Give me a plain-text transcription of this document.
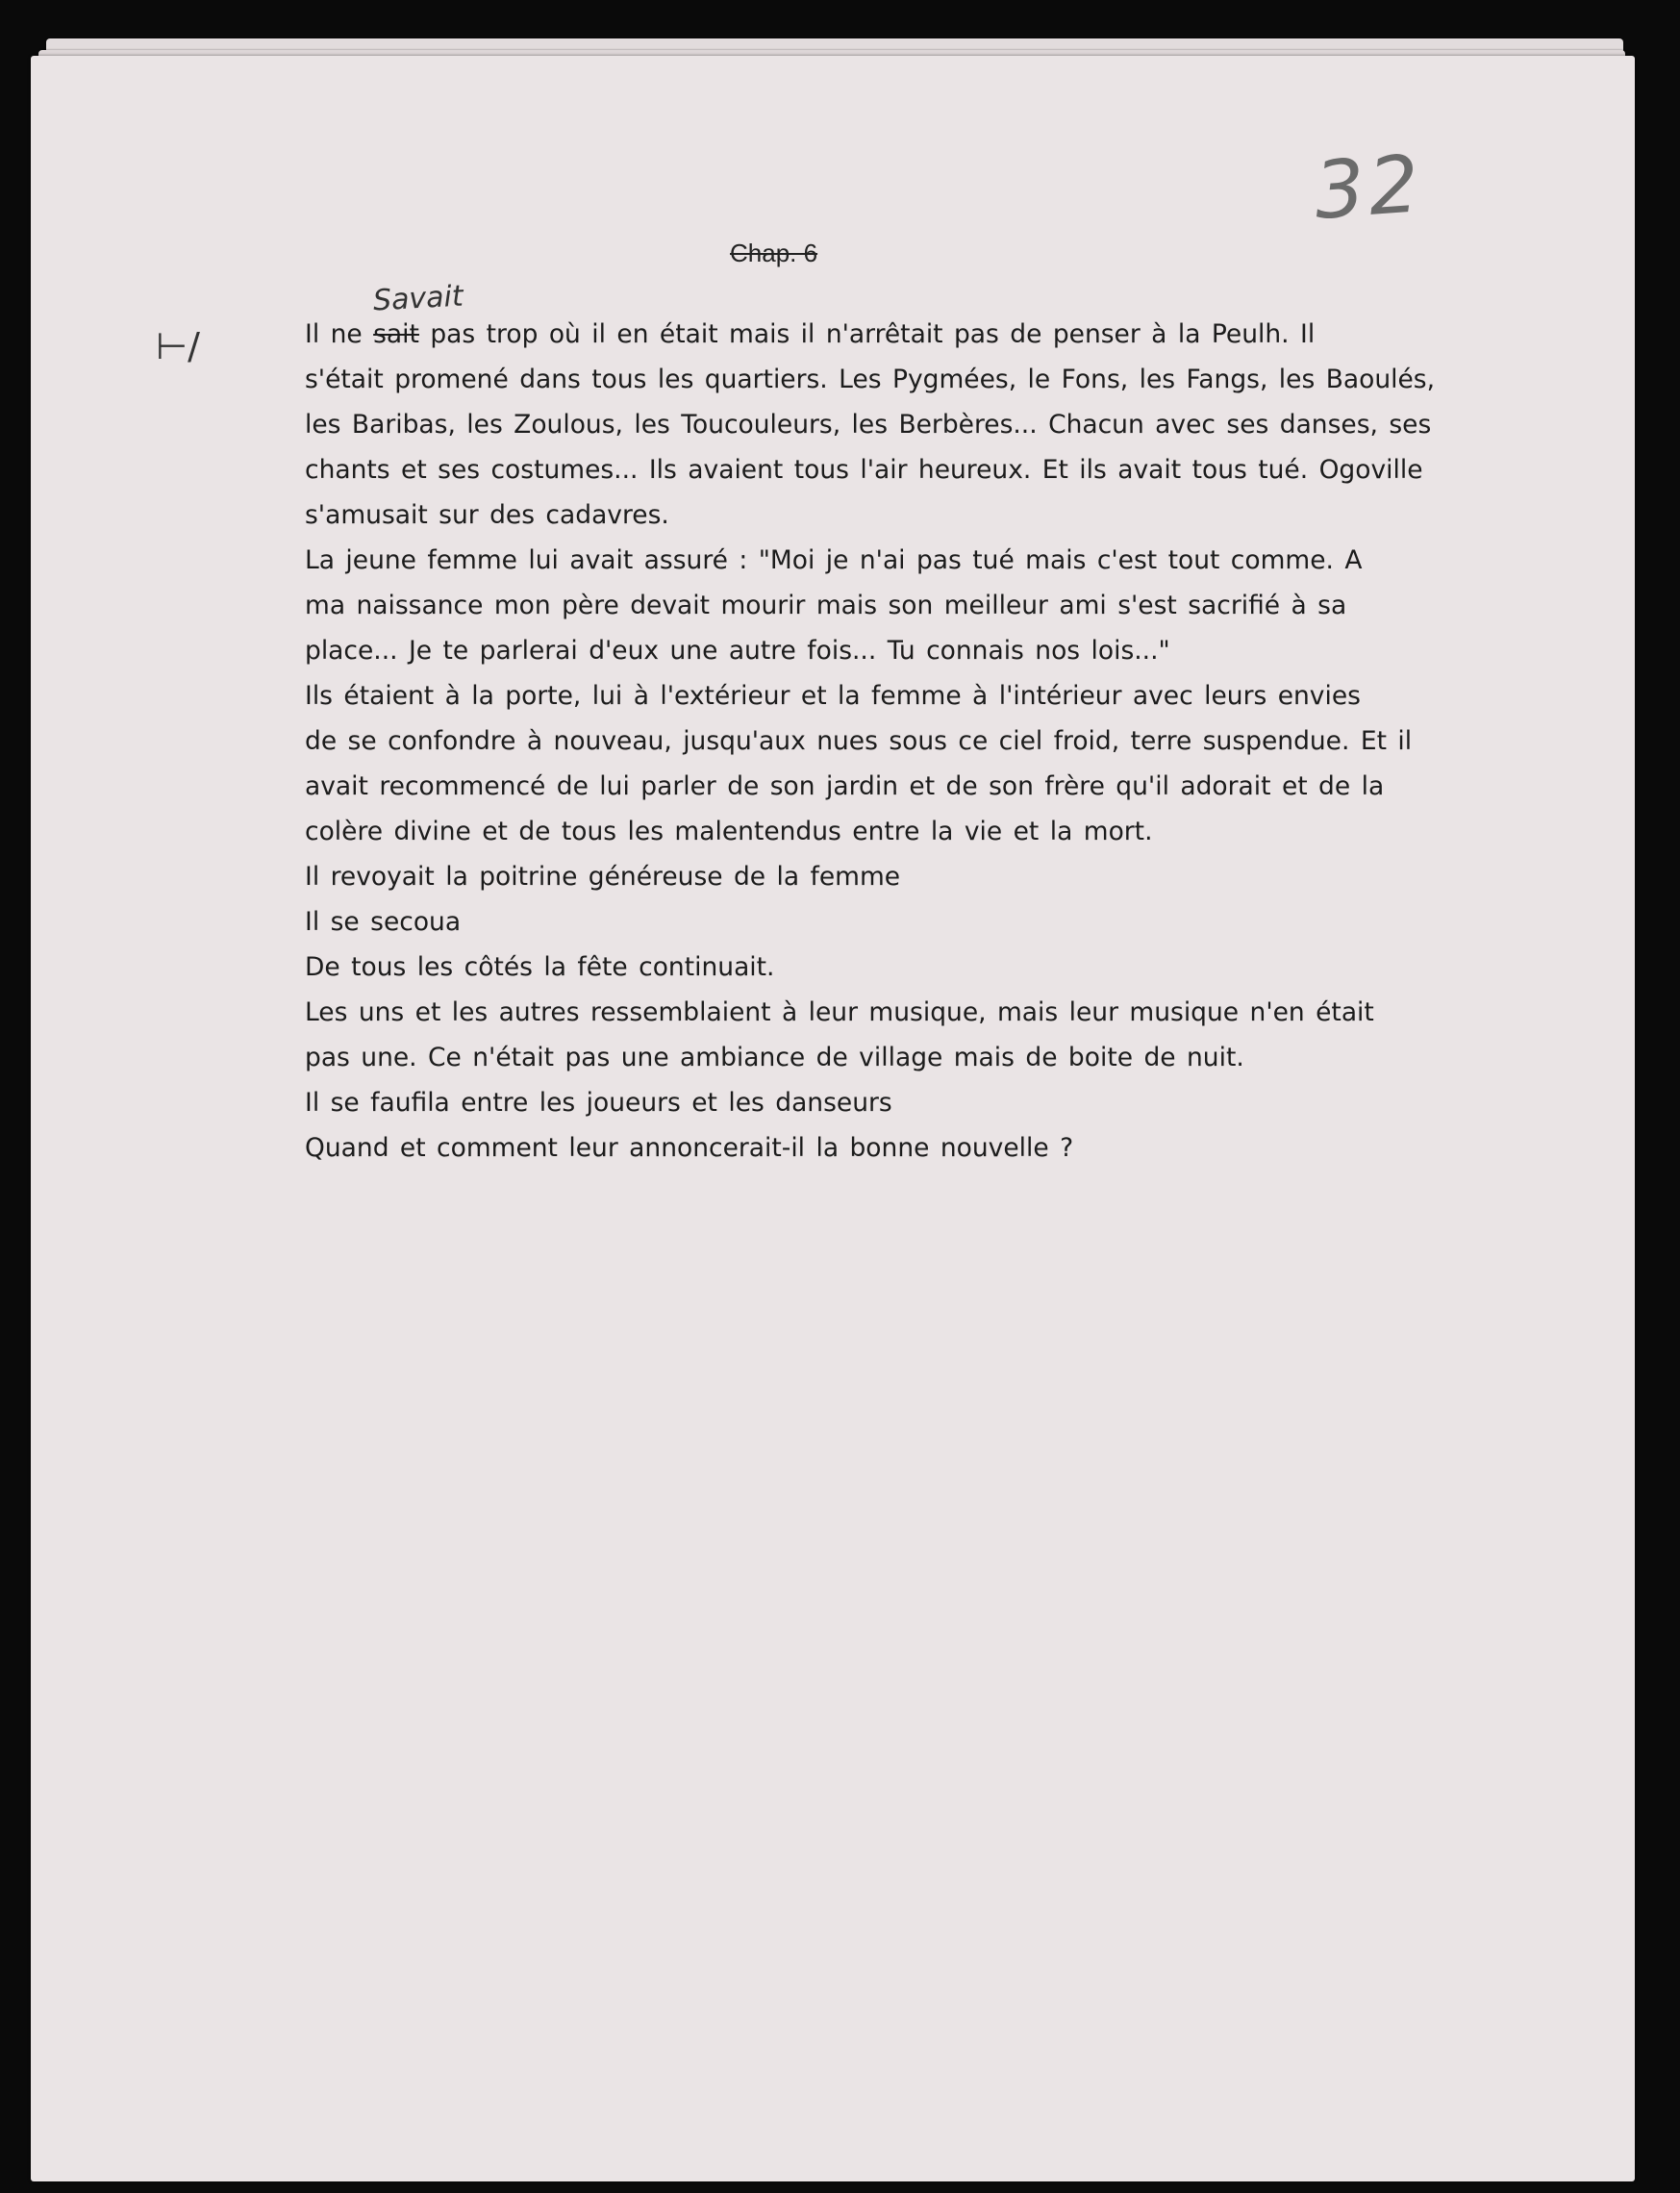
32
Chap. 6
⊢/
Savait
Il ne sait pas trop où il en était mais il n'arrêtait pas de penser à la Peulh. Il
s'était promené dans tous les quartiers. Les Pygmées, le Fons, les Fangs, les Baoulés,
les Baribas, les Zoulous, les Toucouleurs, les Berbères... Chacun avec ses danses, ses
chants et ses costumes... Ils avaient tous l'air heureux. Et ils avait tous tué. Ogoville
s'amusait sur des cadavres.
La jeune femme lui avait assuré : "Moi je n'ai pas tué mais c'est tout comme. A
ma naissance mon père devait mourir mais son meilleur ami s'est sacrifié à sa
place... Je te parlerai d'eux une autre fois... Tu connais nos lois..."
Ils étaient à la porte, lui à l'extérieur et la femme à l'intérieur avec leurs envies
de se confondre à nouveau, jusqu'aux nues sous ce ciel froid, terre suspendue. Et il
avait recommencé de lui parler de son jardin et de son frère qu'il adorait et de la
colère divine et de tous les malentendus entre la vie et la mort.
Il revoyait la poitrine généreuse de la femme
Il se secoua
De tous les côtés la fête continuait.
Les uns et les autres ressemblaient à leur musique, mais leur musique n'en était
pas une. Ce n'était pas une ambiance de village mais de boite de nuit.
Il se faufila entre les joueurs et les danseurs
Quand et comment leur annoncerait-il la bonne nouvelle ?
